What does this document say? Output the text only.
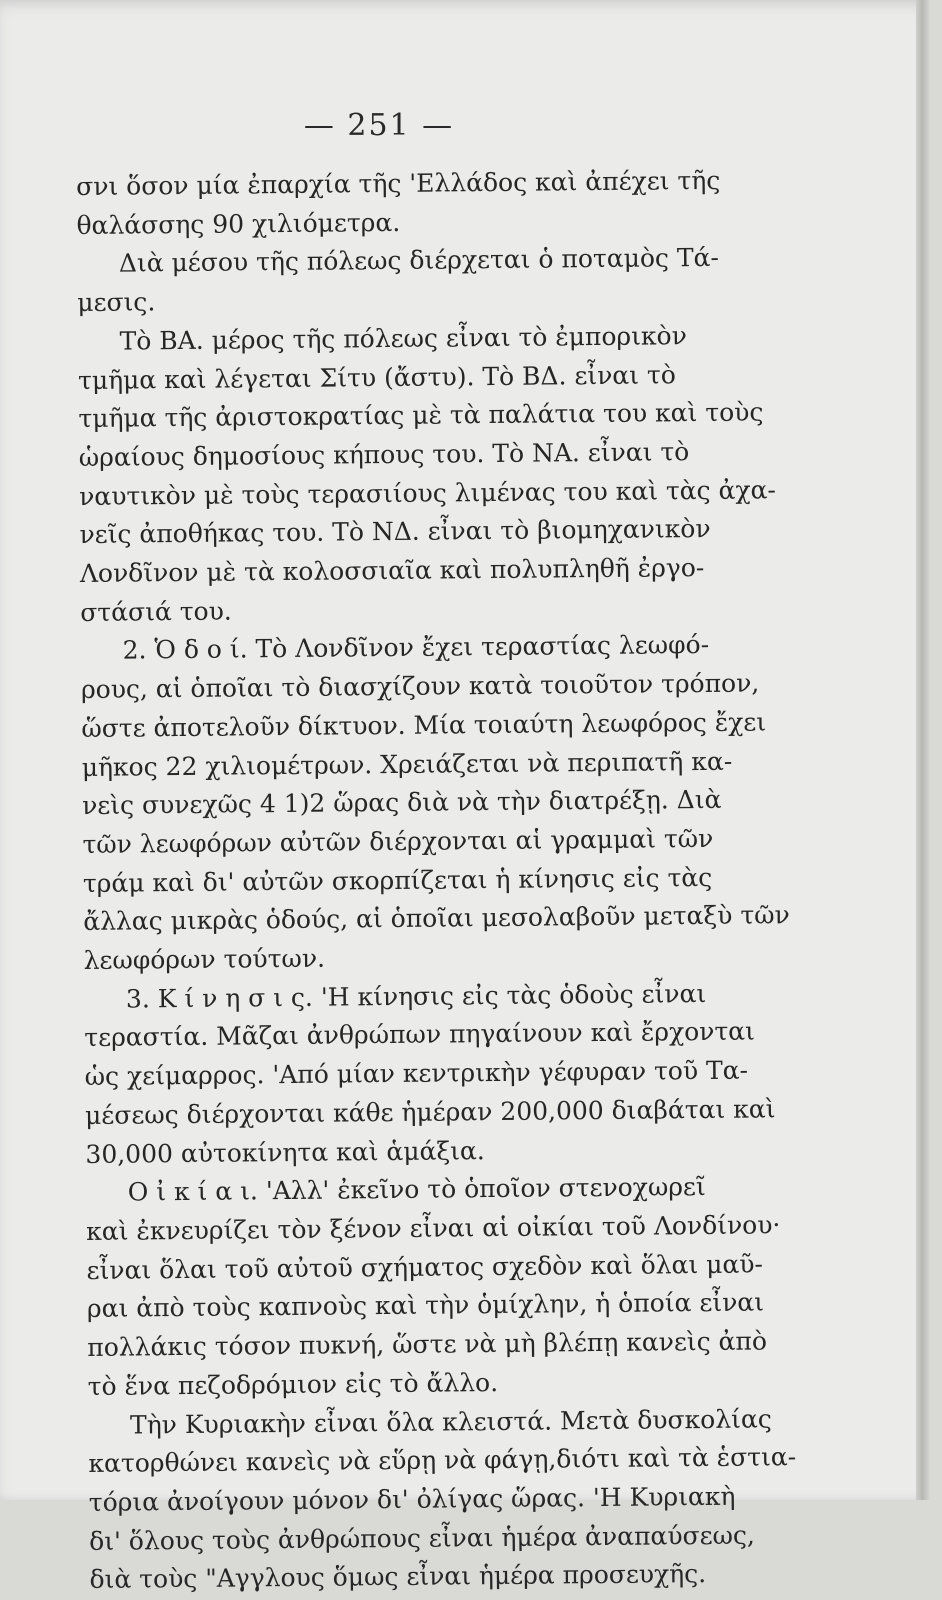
— 251 —
σνι ὅσον μία ἐπαρχία τῆς 'Ελλάδος καὶ ἀπέχει τῆς
θαλάσσης 90 χιλιόμετρα.
Διὰ μέσου τῆς πόλεως διέρχεται ὁ ποταμὸς Τά-
μεσις.
Τὸ ΒΑ. μέρος τῆς πόλεως εἶναι τὸ ἐμπορικὸν
τμῆμα καὶ λέγεται Σίτυ (ἄστυ). Τὸ ΒΔ. εἶναι τὸ
τμῆμα τῆς ἀριστοκρατίας μὲ τὰ παλάτια του καὶ τοὺς
ὡραίους δημοσίους κήπους του. Τὸ ΝΑ. εἶναι τὸ
ναυτικὸν μὲ τοὺς τερασιίους λιμένας του καὶ τὰς ἀχα-
νεῖς ἀποθήκας του. Τὸ ΝΔ. εἶναι τὸ βιομηχανικὸν
Λονδῖνον μὲ τὰ κολοσσιαῖα καὶ πολυπληθῆ ἐργο-
στάσιά του.
2. Ὁ δ ο ί. Τὸ Λονδῖνον ἔχει τεραστίας λεωφό-
ρους, αἱ ὁποῖαι τὸ διασχίζουν κατὰ τοιοῦτον τρόπον,
ὥστε ἀποτελοῦν δίκτυον. Μία τοιαύτη λεωφόρος ἔχει
μῆκος 22 χιλιομέτρων. Χρειάζεται νὰ περιπατῆ κα-
νεὶς συνεχῶς 4 1)2 ὥρας διὰ νὰ τὴν διατρέξῃ. Διὰ
τῶν λεωφόρων αὐτῶν διέρχονται αἱ γραμμαὶ τῶν
τράμ καὶ δι' αὐτῶν σκορπίζεται ἡ κίνησις εἰς τὰς
ἄλλας μικρὰς ὁδούς, αἱ ὁποῖαι μεσολαβοῦν μεταξὺ τῶν
λεωφόρων τούτων.
3. Κ ί ν η σ ι ς. 'Η κίνησις εἰς τὰς ὁδοὺς εἶναι
τεραστία. Μᾶζαι ἀνθρώπων πηγαίνουν καὶ ἔρχονται
ὡς χείμαρρος. 'Από μίαν κεντρικὴν γέφυραν τοῦ Τα-
μέσεως διέρχονται κάθε ἡμέραν 200,000 διαβάται καὶ
30,000 αὐτοκίνητα καὶ ἁμάξια.
Ο ἰ κ ί α ι. 'Αλλ' ἐκεῖνο τὸ ὁποῖον στενοχωρεῖ
καὶ ἐκνευρίζει τὸν ξένον εἶναι αἱ οἰκίαι τοῦ Λονδίνου·
εἶναι ὅλαι τοῦ αὐτοῦ σχήματος σχεδὸν καὶ ὅλαι μαῦ-
ραι ἀπὸ τοὺς καπνοὺς καὶ τὴν ὁμίχλην, ἡ ὁποία εἶναι
πολλάκις τόσον πυκνή, ὥστε νὰ μὴ βλέπῃ κανεὶς ἀπὸ
τὸ ἕνα πεζοδρόμιον εἰς τὸ ἄλλο.
Τὴν Κυριακὴν εἶναι ὅλα κλειστά. Μετὰ δυσκολίας
κατορθώνει κανεὶς νὰ εὕρῃ νὰ φάγῃ,διότι καὶ τὰ ἑστια-
τόρια ἀνοίγουν μόνον δι' ὀλίγας ὥρας. 'Η Κυριακὴ
δι' ὅλους τοὺς ἀνθρώπους εἶναι ἡμέρα ἀναπαύσεως,
διὰ τοὺς "Αγγλους ὅμως εἶναι ἡμέρα προσευχῆς.
